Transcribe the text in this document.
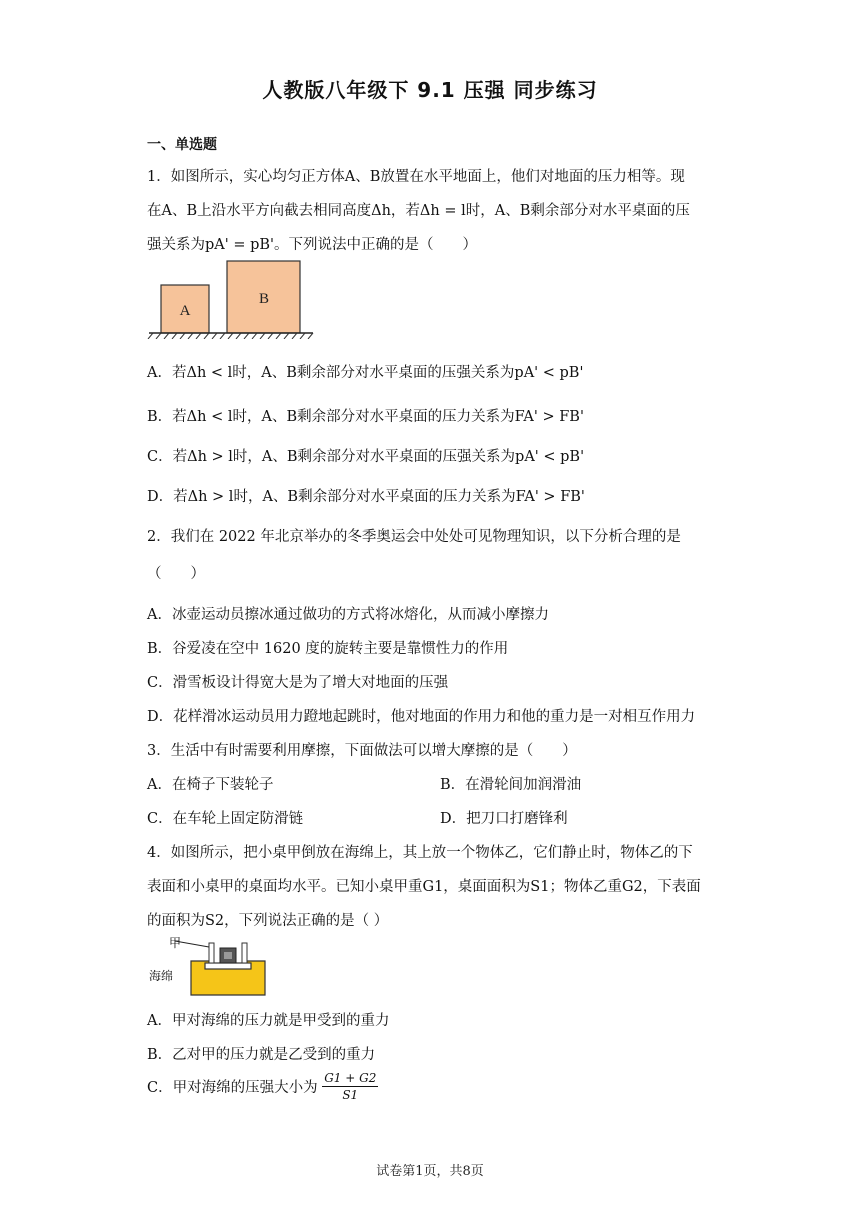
人教版八年级下 9.1 压强 同步练习
一、单选题
1．如图所示，实心均匀正方体A、B放置在水平地面上，他们对地面的压力相等。现
在A、B上沿水平方向截去相同高度Δh，若Δh = l时，A、B剩余部分对水平桌面的压
强关系为pA' = pB'。下列说法中正确的是（　　）
A
B
A．若Δh < l时，A、B剩余部分对水平桌面的压强关系为pA' < pB'
B．若Δh < l时，A、B剩余部分对水平桌面的压力关系为FA' > FB'
C．若Δh > l时，A、B剩余部分对水平桌面的压强关系为pA' < pB'
D．若Δh > l时，A、B剩余部分对水平桌面的压力关系为FA' > FB'
2．我们在 2022 年北京举办的冬季奥运会中处处可见物理知识，以下分析合理的是
（　　）
A．冰壶运动员擦冰通过做功的方式将冰熔化，从而减小摩擦力
B．谷爱凌在空中 1620 度的旋转主要是靠惯性力的作用
C．滑雪板设计得宽大是为了增大对地面的压强
D．花样滑冰运动员用力蹬地起跳时，他对地面的作用力和他的重力是一对相互作用力
3．生活中有时需要利用摩擦，下面做法可以增大摩擦的是（　　）
A．在椅子下装轮子	B．在滑轮间加润滑油
C．在车轮上固定防滑链	D．把刀口打磨锋利
4．如图所示，把小桌甲倒放在海绵上，其上放一个物体乙，它们静止时，物体乙的下
表面和小桌甲的桌面均水平。已知小桌甲重G1，桌面面积为S1；物体乙重G2，下表面
的面积为S2，下列说法正确的是（ ）
甲
海绵
A．甲对海绵的压力就是甲受到的重力
B．乙对甲的压力就是乙受到的重力
C．甲对海绵的压强大小为 $\frac{G1 + G2}{S1}$
试卷第1页，共8页
